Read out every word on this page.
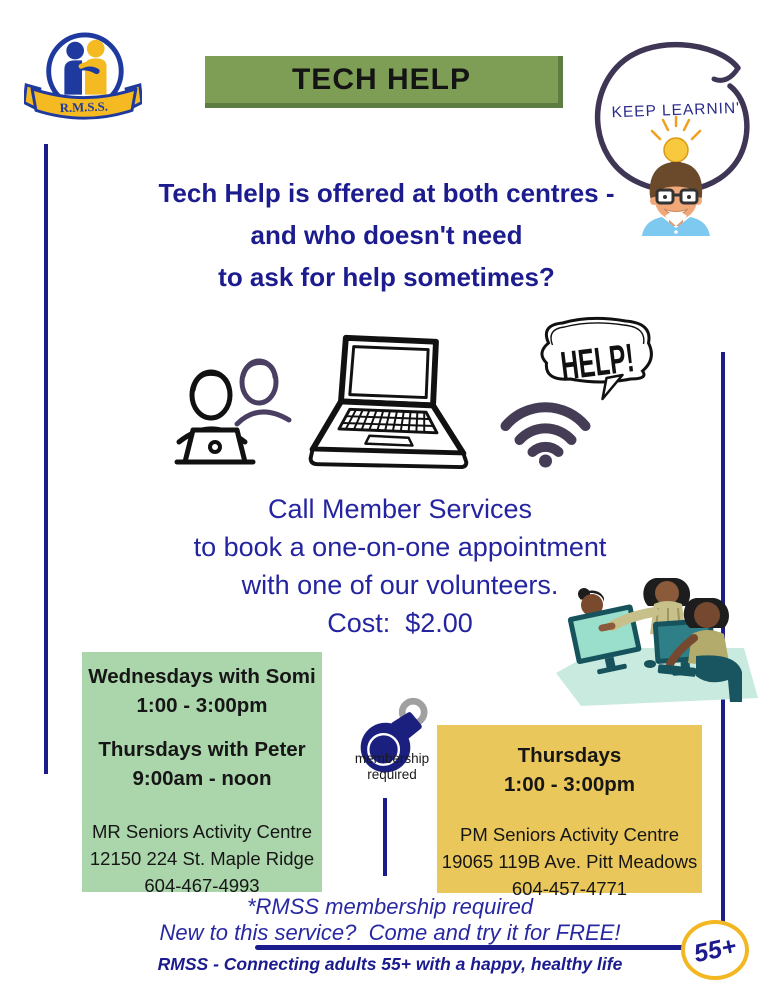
R.M.S.S.
TECH HELP
KEEP LEARNIN'
Tech Help is offered at both centres -
and who doesn't need
to ask for help sometimes?
HELP!
Call Member Services
to book a one-on-one appointment
with one of our volunteers.
Cost:  $2.00
Wednesdays with Somi
1:00 - 3:00pm
Thursdays with Peter
9:00am - noon
MR Seniors Activity Centre
12150 224 St. Maple Ridge
604-467-4993
membership
required
Thursdays
1:00 - 3:00pm
PM Seniors Activity Centre
19065 119B Ave. Pitt Meadows
604-457-4771
*RMSS membership required
New to this service?  Come and try it for FREE!
RMSS - Connecting adults 55+ with a happy, healthy life	55+
